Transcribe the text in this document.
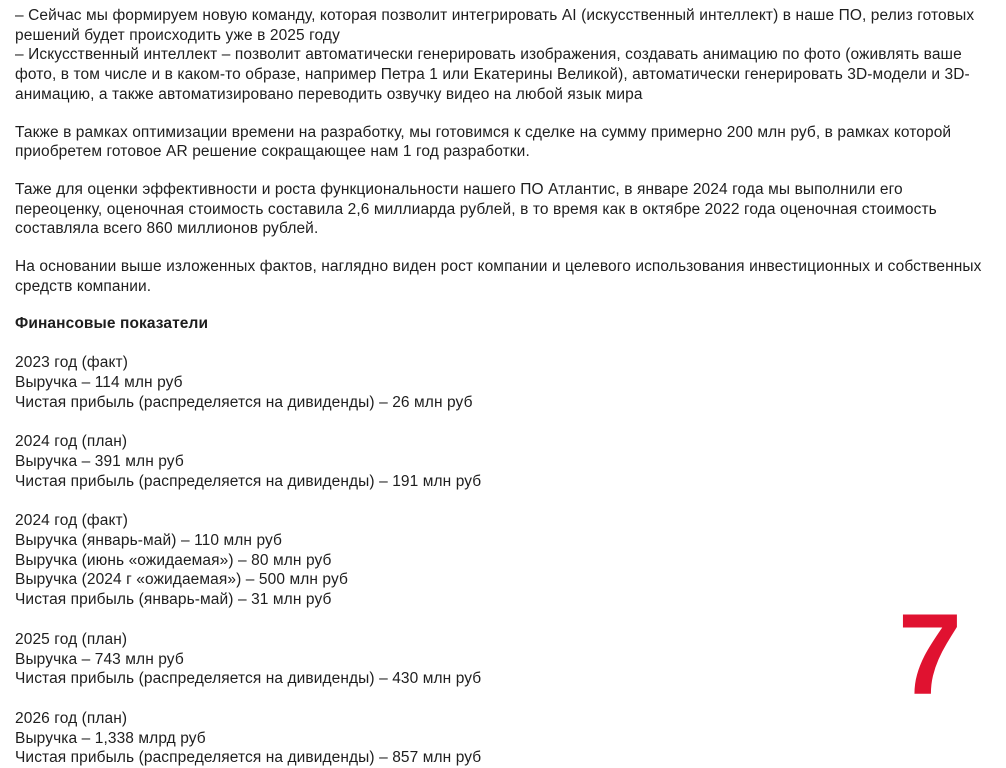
– Сейчас мы формируем новую команду, которая позволит интегрировать AI (искусственный интеллект) в наше ПО, релиз готовых решений будет происходить уже в 2025 году
– Искусственный интеллект – позволит автоматически генерировать изображения, создавать анимацию по фото (оживлять ваше фото, в том числе и в каком-то образе, например Петра 1 или Екатерины Великой), автоматически генерировать 3D-модели и 3D-анимацию, а также автоматизировано переводить озвучку видео на любой язык мира

Также в рамках оптимизации времени на разработку, мы готовимся к сделке на сумму примерно 200 млн руб, в рамках которой приобретем готовое AR решение сокращающее нам 1 год разработки.

Таже для оценки эффективности и роста функциональности нашего ПО Атлантис, в январе 2024 года мы выполнили его переоценку, оценочная стоимость составила 2,6 миллиарда рублей, в то время как в октябре 2022 года оценочная стоимость составляла всего 860 миллионов рублей.

На основании выше изложенных фактов, наглядно виден рост компании и целевого использования инвестиционных и собственных средств компании.

Финансовые показатели
2023 год (факт)
Выручка – 114 млн руб
Чистая прибыль (распределяется на дивиденды) – 26 млн руб
2024 год (план)
Выручка – 391 млн руб
Чистая прибыль (распределяется на дивиденды) – 191 млн руб
2024 год (факт)
Выручка (январь-май) – 110 млн руб
Выручка (июнь «ожидаемая») – 80 млн руб
Выручка (2024 г «ожидаемая») – 500 млн руб
Чистая прибыль (январь-май) – 31 млн руб
2025 год (план)
Выручка – 743 млн руб
Чистая прибыль (распределяется на дивиденды) – 430 млн руб
2026 год (план)
Выручка – 1,338 млрд руб
Чистая прибыль (распределяется на дивиденды) – 857 млн руб
7
